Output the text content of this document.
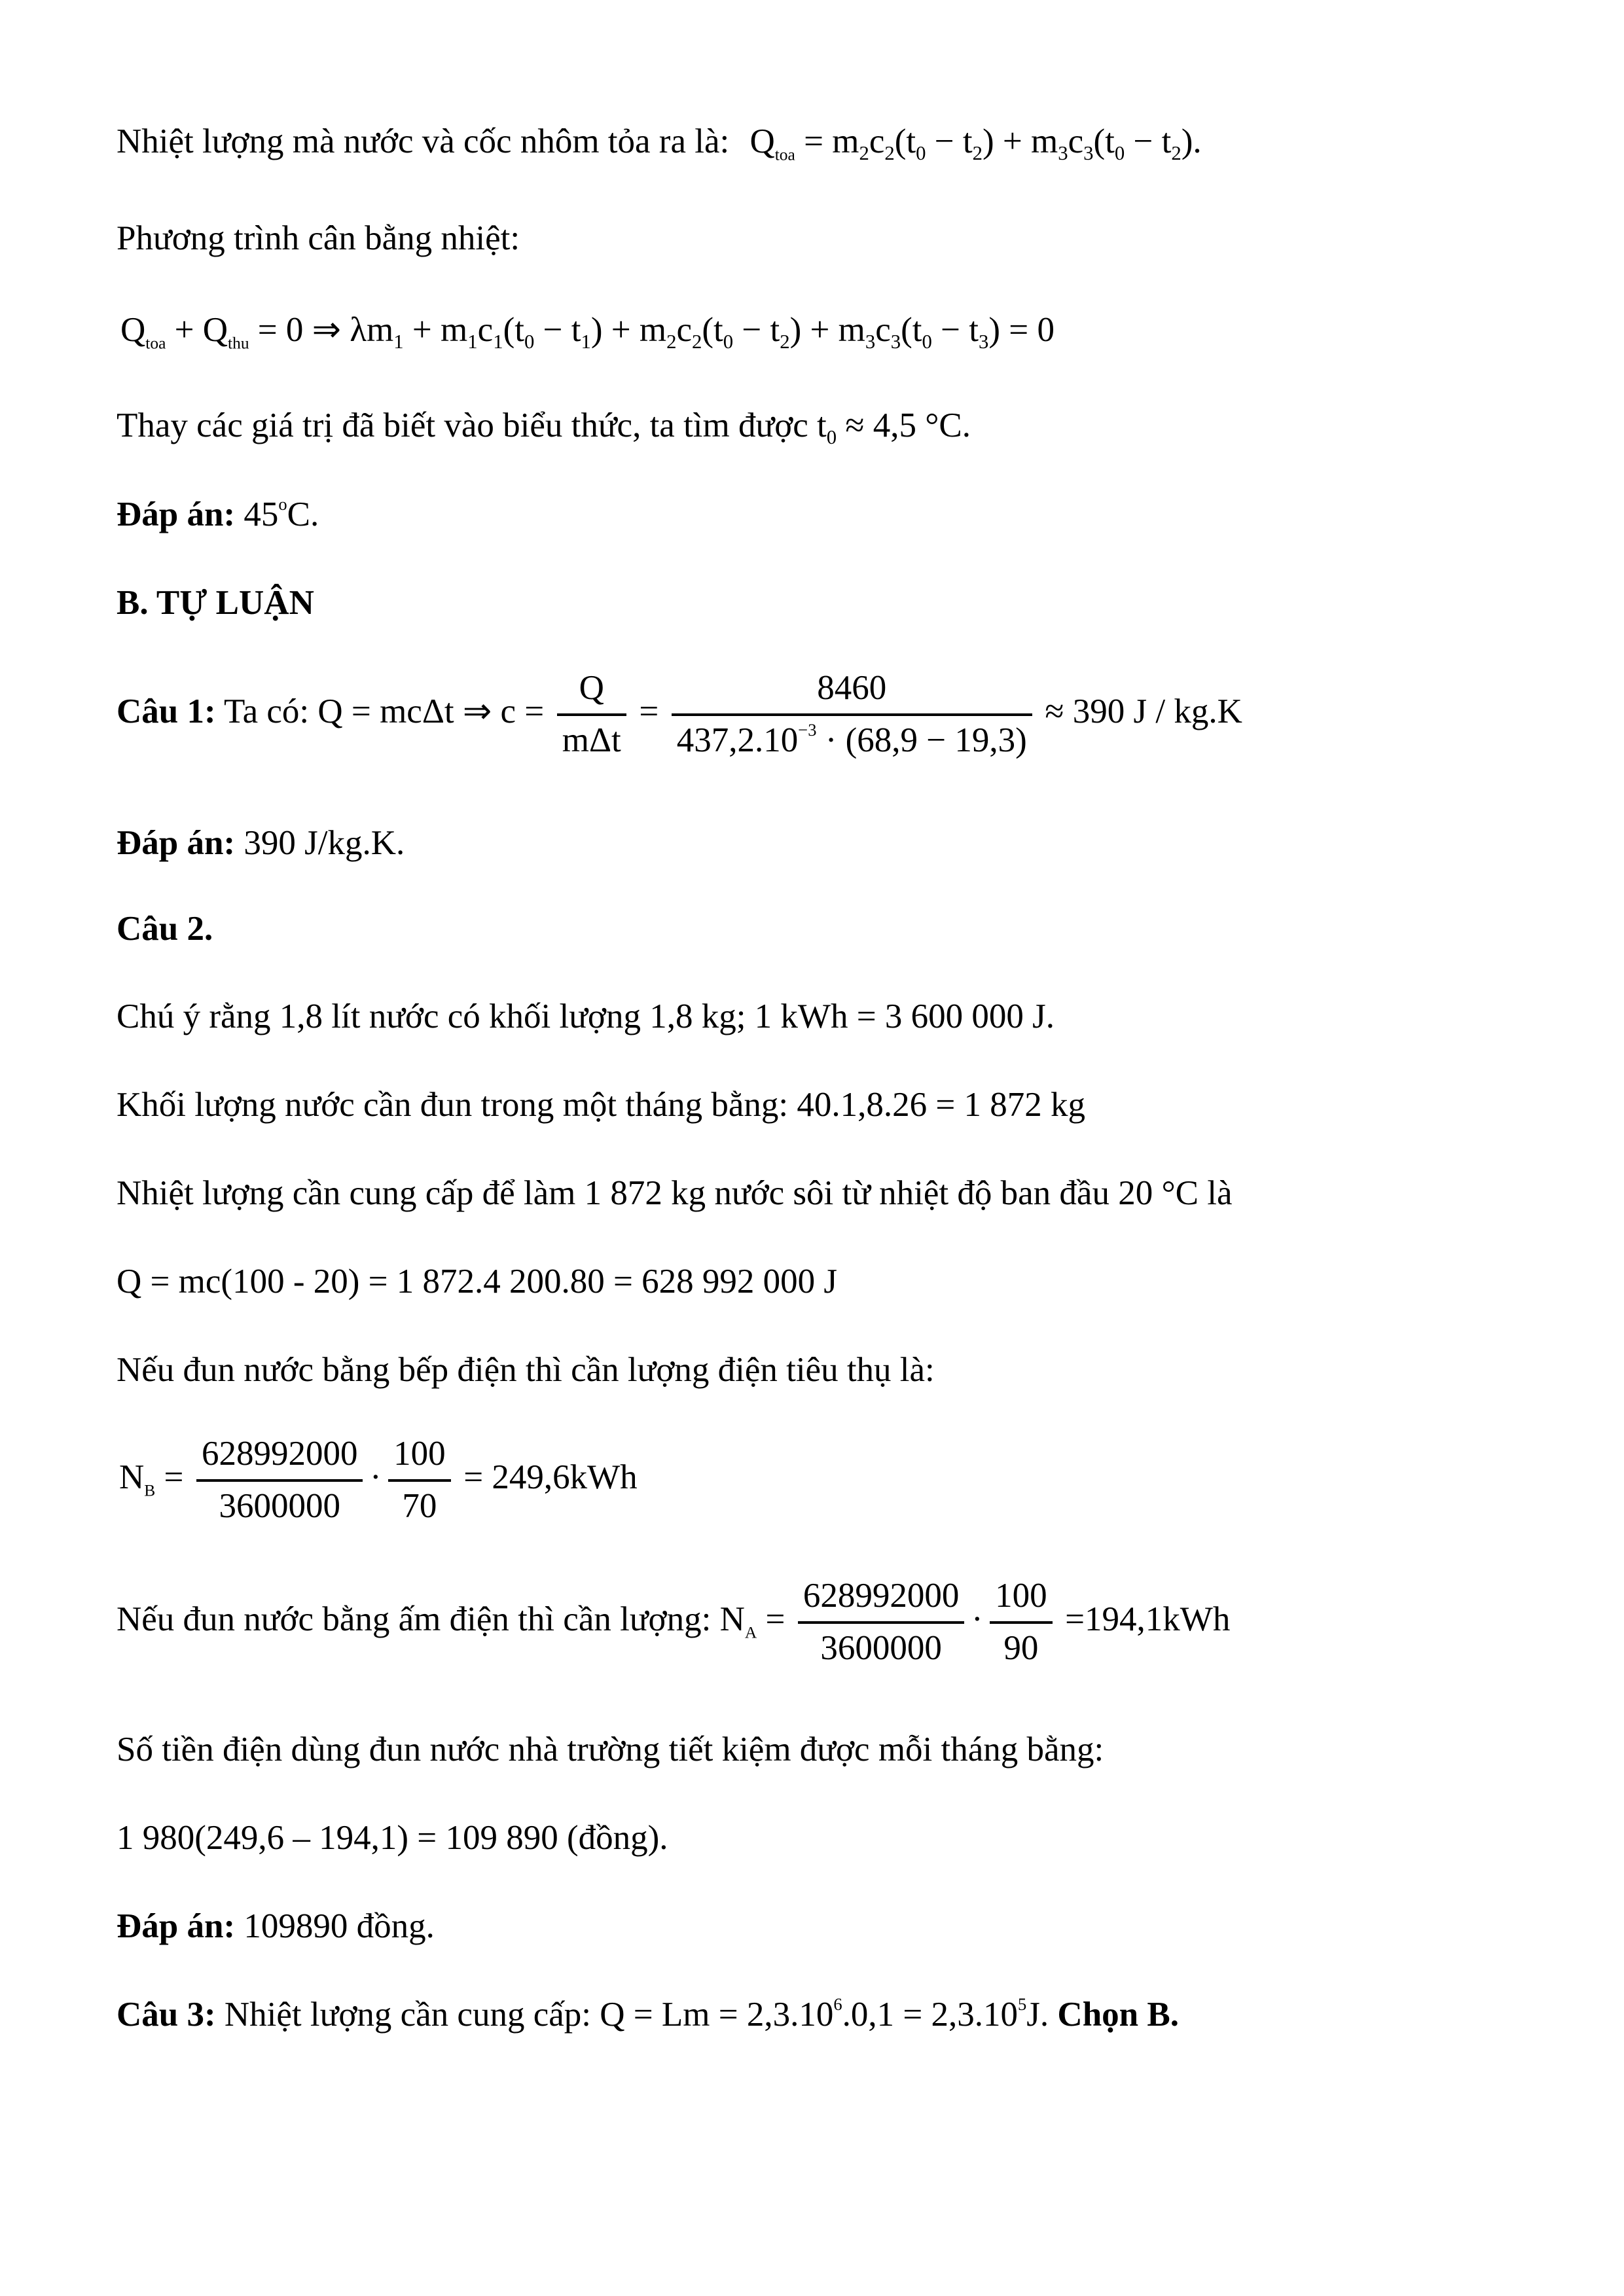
Nhiệt lượng mà nước và cốc nhôm tỏa ra là: $Q_{toa} = m_2c_2(t_0 - t_2) + m_3c_3(t_0 - t_2)$.
Phương trình cân bằng nhiệt:
$Q_{toa} + Q_{thu} = 0$ ⇒ $\lambda m_1 + m_1c_1(t_0 - t_1) + m_2c_2(t_0 - t_2) + m_3c_3(t_0 - t_3) = 0$
Thay các giá trị đã biết vào biểu thức, ta tìm được $t_0 \approx 4,5$ °C.
Đáp án: 45$^o$C.
B. TỰ LUẬN
Câu 1: Ta có: Q = mcΔt ⇒ $c = \frac{Q}{\text{mΔt}} = \frac{8460}{437,2.10^{-3} \cdot (68,9 - 19,3)} \approx 390$ J / kg.K
Đáp án: 390 J/kg.K.
Câu 2.
Chú ý rằng 1,8 lít nước có khối lượng 1,8 kg; 1 kWh = 3 600 000 J.
Khối lượng nước cần đun trong một tháng bằng: 40.1,8.26 = 1 872 kg
Nhiệt lượng cần cung cấp để làm 1 872 kg nước sôi từ nhiệt độ ban đầu 20 °C là
Q = mc(100 - 20) = 1 872.4 200.80 = 628 992 000 J
Nếu đun nước bằng bếp điện thì cần lượng điện tiêu thụ là:
$N_B = \frac{628992000}{3600000} \cdot \frac{100}{70} = 249,6kWh$
Nếu đun nước bằng ấm điện thì cần lượng: $N_A = \frac{628992000}{3600000} \cdot \frac{100}{90} =194,1kWh$
Số tiền điện dùng đun nước nhà trường tiết kiệm được mỗi tháng bằng:
1 980(249,6 – 194,1) = 109 890 (đồng).
Đáp án: 109890 đồng.
Câu 3: Nhiệt lượng cần cung cấp: $Q = Lm = 2,3.10^6.0,1 = 2,3.10^5J$. Chọn B.
